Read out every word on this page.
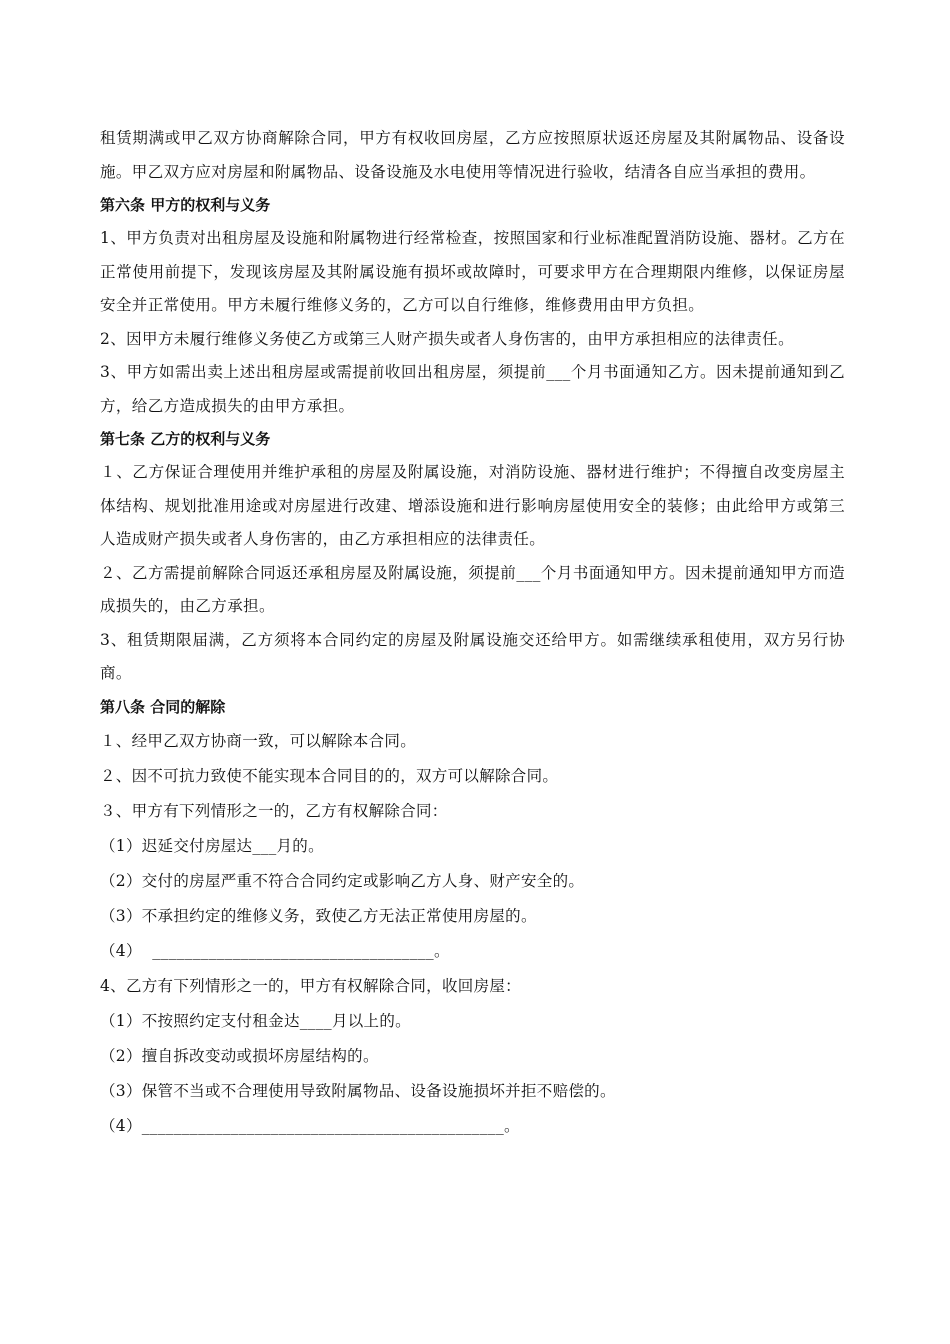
租赁期满或甲乙双方协商解除合同，甲方有权收回房屋，乙方应按照原状返还房屋及其附属物品、设备设施。甲乙双方应对房屋和附属物品、设备设施及水电使用等情况进行验收，结清各自应当承担的费用。

第六条 甲方的权利与义务

1、甲方负责对出租房屋及设施和附属物进行经常检查，按照国家和行业标准配置消防设施、器材。乙方在正常使用前提下，发现该房屋及其附属设施有损坏或故障时，可要求甲方在合理期限内维修，以保证房屋安全并正常使用。甲方未履行维修义务的，乙方可以自行维修，维修费用由甲方负担。

2、因甲方未履行维修义务使乙方或第三人财产损失或者人身伤害的，由甲方承担相应的法律责任。

3、甲方如需出卖上述出租房屋或需提前收回出租房屋，须提前___个月书面通知乙方。因未提前通知到乙方，给乙方造成损失的由甲方承担。

第七条 乙方的权利与义务

１、乙方保证合理使用并维护承租的房屋及附属设施，对消防设施、器材进行维护；不得擅自改变房屋主体结构、规划批准用途或对房屋进行改建、增添设施和进行影响房屋使用安全的装修；由此给甲方或第三人造成财产损失或者人身伤害的，由乙方承担相应的法律责任。

２、乙方需提前解除合同返还承租房屋及附属设施，须提前___个月书面通知甲方。因未提前通知甲方而造成损失的，由乙方承担。

3、租赁期限届满，乙方须将本合同约定的房屋及附属设施交还给甲方。如需继续承租使用，双方另行协商。

第八条 合同的解除

１、经甲乙双方协商一致，可以解除本合同。

２、因不可抗力致使不能实现本合同目的的，双方可以解除合同。

３、甲方有下列情形之一的，乙方有权解除合同：

（1）迟延交付房屋达___月的。

（2）交付的房屋严重不符合合同约定或影响乙方人身、财产安全的。

（3）不承担约定的维修义务，致使乙方无法正常使用房屋的。

（4）  ___________________________________。

4、乙方有下列情形之一的，甲方有权解除合同，收回房屋：

（1）不按照约定支付租金达____月以上的。

（2）擅自拆改变动或损坏房屋结构的。

（3）保管不当或不合理使用导致附属物品、设备设施损坏并拒不赔偿的。

（4）_____________________________________________。
